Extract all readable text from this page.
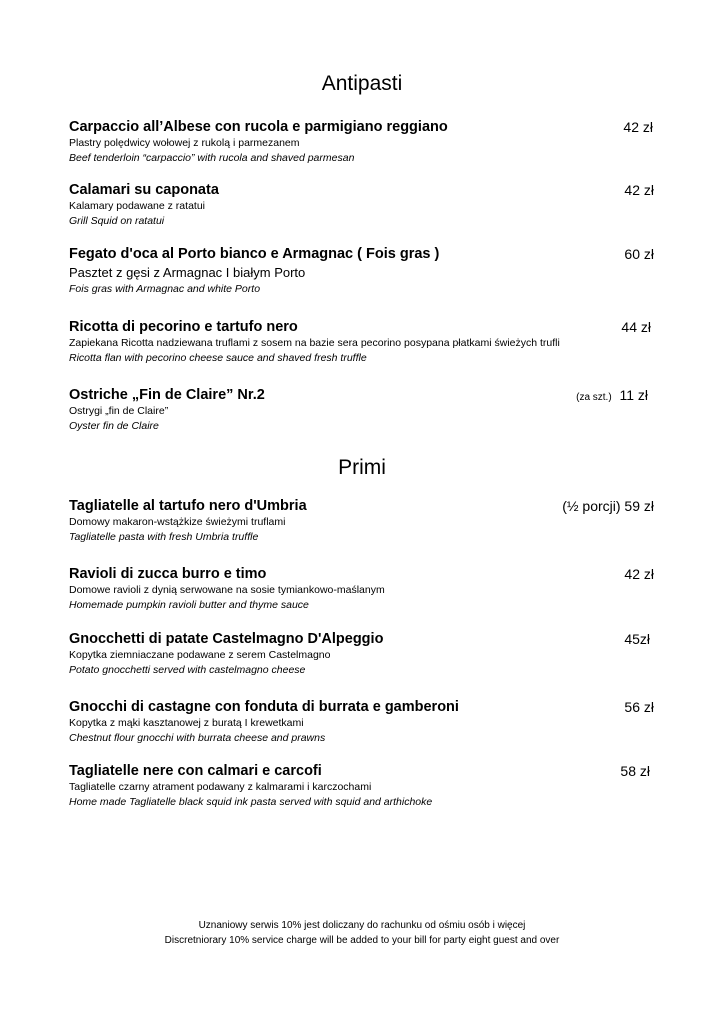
Antipasti
Carpaccio all’Albese con rucola e parmigiano reggiano	42 zł
Plastry polędwicy wołowej z rukolą i parmezanem
Beef tenderloin “carpaccio” with rucola and shaved parmesan
Calamari su caponata	42 zł
Kalamary podawane z ratatui
Grill Squid on ratatui
Fegato d'oca al Porto bianco e Armagnac ( Fois gras )	60 zł
Pasztet z gęsi z Armagnac I białym Porto
Fois gras with Armagnac and white Porto
Ricotta di pecorino e tartufo nero	44 zł
Zapiekana Ricotta nadziewana truflami z sosem na bazie sera pecorino posypana płatkami świeżych trufli
Ricotta flan with pecorino cheese sauce and shaved fresh truffle
Ostriche „Fin de Claire” Nr.2	(za szt.) 11 zł
Ostrygi „fin de Claire”
Oyster fin de Claire
Primi
Tagliatelle al tartufo nero d'Umbria	(½ porcji) 59 zł
Domowy makaron-wstążkize świeżymi truflami
Tagliatelle pasta with fresh Umbria truffle
Ravioli di zucca burro e timo	42 zł
Domowe ravioli z dynią serwowane na sosie tymiankowo-maślanym
Homemade pumpkin ravioli butter and thyme sauce
Gnocchetti di patate Castelmagno D'Alpeggio	45zł
Kopytka ziemniaczane podawane z serem Castelmagno
Potato gnocchetti served with castelmagno cheese
Gnocchi di castagne con fonduta di burrata e gamberoni	56 zł
Kopytka z mąki kasztanowej z buratą I krewetkami
Chestnut flour gnocchi with burrata cheese and prawns
Tagliatelle nere con calmari e carcofi	58 zł
Tagliatelle czarny atrament podawany z kalmarami i karczochami
Home made Tagliatelle black squid ink pasta served with squid and arthichoke
Uznaniowy serwis 10% jest doliczany do rachunku od ośmiu osób i więcej
Discretniorary 10% service charge will be added to your bill for party eight guest and over
